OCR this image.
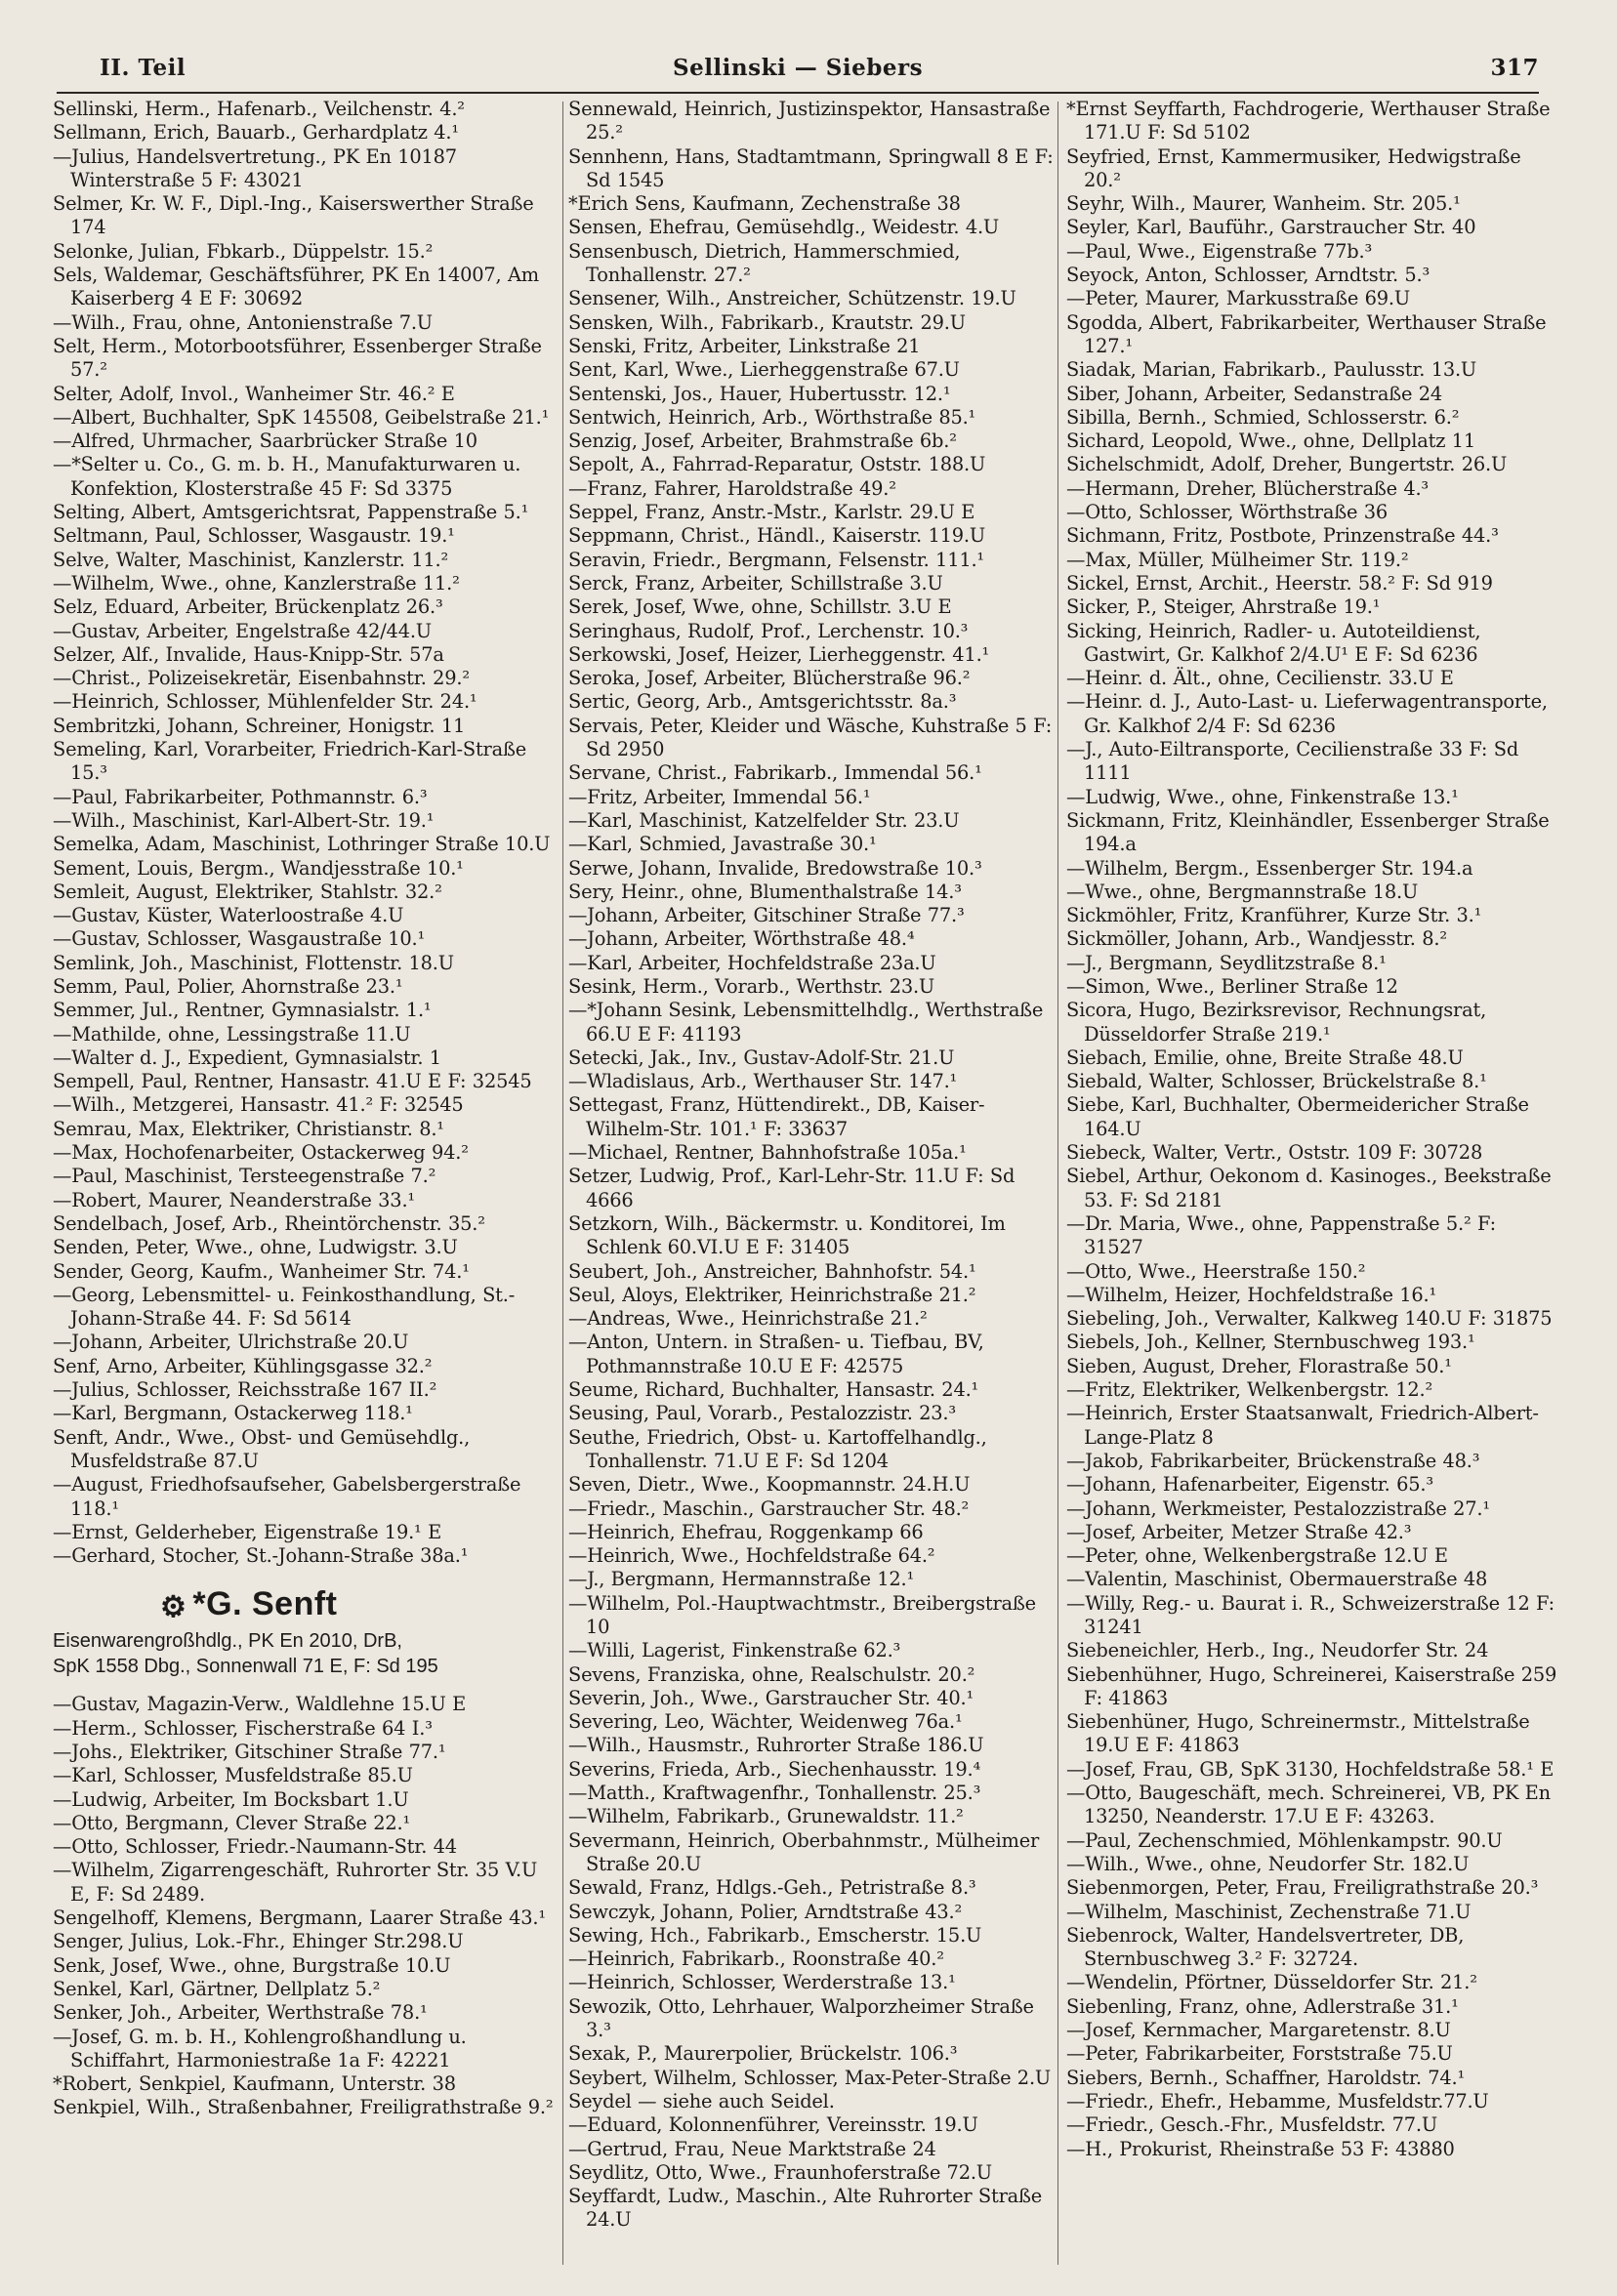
II. Teil	Sellinski — Siebers	317
Sellinski, Herm., Hafenarb., Veilchenstr. 4.²
Sellmann, Erich, Bauarb., Gerhardplatz 4.¹
—Julius, Handelsvertretung., PK En 10187 Winterstraße 5 F: 43021
Selmer, Kr. W. F., Dipl.-Ing., Kaiserswerther Straße 174
Selonke, Julian, Fbkarb., Düppelstr. 15.²
Sels, Waldemar, Geschäftsführer, PK En 14007, Am Kaiserberg 4 E F: 30692
—Wilh., Frau, ohne, Antonienstraße 7.U
Selt, Herm., Motorbootsführer, Essenberger Straße 57.²
Selter, Adolf, Invol., Wanheimer Str. 46.² E
—Albert, Buchhalter, SpK 145508, Geibelstraße 21.¹
—Alfred, Uhrmacher, Saarbrücker Straße 10
—*Selter u. Co., G. m. b. H., Manufakturwaren u. Konfektion, Klosterstraße 45 F: Sd 3375
Selting, Albert, Amtsgerichtsrat, Pappenstraße 5.¹
Seltmann, Paul, Schlosser, Wasgaustr. 19.¹
Selve, Walter, Maschinist, Kanzlerstr. 11.²
—Wilhelm, Wwe., ohne, Kanzlerstraße 11.²
Selz, Eduard, Arbeiter, Brückenplatz 26.³
—Gustav, Arbeiter, Engelstraße 42/44.U
Selzer, Alf., Invalide, Haus-Knipp-Str. 57a
—Christ., Polizeisekretär, Eisenbahnstr. 29.²
—Heinrich, Schlosser, Mühlenfelder Str. 24.¹
Sembritzki, Johann, Schreiner, Honigstr. 11
Semeling, Karl, Vorarbeiter, Friedrich-Karl-Straße 15.³
—Paul, Fabrikarbeiter, Pothmannstr. 6.³
—Wilh., Maschinist, Karl-Albert-Str. 19.¹
Semelka, Adam, Maschinist, Lothringer Straße 10.U
Sement, Louis, Bergm., Wandjesstraße 10.¹
Semleit, August, Elektriker, Stahlstr. 32.²
—Gustav, Küster, Waterloostraße 4.U
—Gustav, Schlosser, Wasgaustraße 10.¹
Semlink, Joh., Maschinist, Flottenstr. 18.U
Semm, Paul, Polier, Ahornstraße 23.¹
Semmer, Jul., Rentner, Gymnasialstr. 1.¹
—Mathilde, ohne, Lessingstraße 11.U
—Walter d. J., Expedient, Gymnasialstr. 1
Sempell, Paul, Rentner, Hansastr. 41.U E F: 32545
—Wilh., Metzgerei, Hansastr. 41.² F: 32545
Semrau, Max, Elektriker, Christianstr. 8.¹
—Max, Hochofenarbeiter, Ostackerweg 94.²
—Paul, Maschinist, Tersteegenstraße 7.²
—Robert, Maurer, Neanderstraße 33.¹
Sendelbach, Josef, Arb., Rheintörchenstr. 35.²
Senden, Peter, Wwe., ohne, Ludwigstr. 3.U
Sender, Georg, Kaufm., Wanheimer Str. 74.¹
—Georg, Lebensmittel- u. Feinkosthandlung, St.-Johann-Straße 44. F: Sd 5614
—Johann, Arbeiter, Ulrichstraße 20.U
Senf, Arno, Arbeiter, Kühlingsgasse 32.²
—Julius, Schlosser, Reichsstraße 167 II.²
—Karl, Bergmann, Ostackerweg 118.¹
Senft, Andr., Wwe., Obst- und Gemüsehdlg., Musfeldstraße 87.U
—August, Friedhofsaufseher, Gabelsbergerstraße 118.¹
—Ernst, Gelderheber, Eigenstraße 19.¹ E
—Gerhard, Stocher, St.-Johann-Straße 38a.¹
⚙ *G. Senft
Eisenwarengroßhdlg., PK En 2010, DrB,
SpK 1558 Dbg., Sonnenwall 71 E, F: Sd 195
—Gustav, Magazin-Verw., Waldlehne 15.U E
—Herm., Schlosser, Fischerstraße 64 I.³
—Johs., Elektriker, Gitschiner Straße 77.¹
—Karl, Schlosser, Musfeldstraße 85.U
—Ludwig, Arbeiter, Im Bocksbart 1.U
—Otto, Bergmann, Clever Straße 22.¹
—Otto, Schlosser, Friedr.-Naumann-Str. 44
—Wilhelm, Zigarrengeschäft, Ruhrorter Str. 35 V.U E, F: Sd 2489.
Sengelhoff, Klemens, Bergmann, Laarer Straße 43.¹
Senger, Julius, Lok.-Fhr., Ehinger Str.298.U
Senk, Josef, Wwe., ohne, Burgstraße 10.U
Senkel, Karl, Gärtner, Dellplatz 5.²
Senker, Joh., Arbeiter, Werthstraße 78.¹
—Josef, G. m. b. H., Kohlengroßhandlung u. Schiffahrt, Harmoniestraße 1a F: 42221
*Robert, Senkpiel, Kaufmann, Unterstr. 38
Senkpiel, Wilh., Straßenbahner, Freiligrathstraße 9.²
Sennewald, Heinrich, Justizinspektor, Hansastraße 25.²
Sennhenn, Hans, Stadtamtmann, Springwall 8 E F: Sd 1545
*Erich Sens, Kaufmann, Zechenstraße 38
Sensen, Ehefrau, Gemüsehdlg., Weidestr. 4.U
Sensenbusch, Dietrich, Hammerschmied, Tonhallenstr. 27.²
Sensener, Wilh., Anstreicher, Schützenstr. 19.U
Sensken, Wilh., Fabrikarb., Krautstr. 29.U
Senski, Fritz, Arbeiter, Linkstraße 21
Sent, Karl, Wwe., Lierheggenstraße 67.U
Sentenski, Jos., Hauer, Hubertusstr. 12.¹
Sentwich, Heinrich, Arb., Wörthstraße 85.¹
Senzig, Josef, Arbeiter, Brahmstraße 6b.²
Sepolt, A., Fahrrad-Reparatur, Oststr. 188.U
—Franz, Fahrer, Haroldstraße 49.²
Seppel, Franz, Anstr.-Mstr., Karlstr. 29.U E
Seppmann, Christ., Händl., Kaiserstr. 119.U
Seravin, Friedr., Bergmann, Felsenstr. 111.¹
Serck, Franz, Arbeiter, Schillstraße 3.U
Serek, Josef, Wwe, ohne, Schillstr. 3.U E
Seringhaus, Rudolf, Prof., Lerchenstr. 10.³
Serkowski, Josef, Heizer, Lierheggenstr. 41.¹
Seroka, Josef, Arbeiter, Blücherstraße 96.²
Sertic, Georg, Arb., Amtsgerichtsstr. 8a.³
Servais, Peter, Kleider und Wäsche, Kuhstraße 5 F: Sd 2950
Servane, Christ., Fabrikarb., Immendal 56.¹
—Fritz, Arbeiter, Immendal 56.¹
—Karl, Maschinist, Katzelfelder Str. 23.U
—Karl, Schmied, Javastraße 30.¹
Serwe, Johann, Invalide, Bredowstraße 10.³
Sery, Heinr., ohne, Blumenthalstraße 14.³
—Johann, Arbeiter, Gitschiner Straße 77.³
—Johann, Arbeiter, Wörthstraße 48.⁴
—Karl, Arbeiter, Hochfeldstraße 23a.U
Sesink, Herm., Vorarb., Werthstr. 23.U
—*Johann Sesink, Lebensmittelhdlg., Werthstraße 66.U E F: 41193
Setecki, Jak., Inv., Gustav-Adolf-Str. 21.U
—Wladislaus, Arb., Werthauser Str. 147.¹
Settegast, Franz, Hüttendirekt., DB, Kaiser-Wilhelm-Str. 101.¹ F: 33637
—Michael, Rentner, Bahnhofstraße 105a.¹
Setzer, Ludwig, Prof., Karl-Lehr-Str. 11.U F: Sd 4666
Setzkorn, Wilh., Bäckermstr. u. Konditorei, Im Schlenk 60.VI.U E F: 31405
Seubert, Joh., Anstreicher, Bahnhofstr. 54.¹
Seul, Aloys, Elektriker, Heinrichstraße 21.²
—Andreas, Wwe., Heinrichstraße 21.²
—Anton, Untern. in Straßen- u. Tiefbau, BV, Pothmannstraße 10.U E F: 42575
Seume, Richard, Buchhalter, Hansastr. 24.¹
Seusing, Paul, Vorarb., Pestalozzistr. 23.³
Seuthe, Friedrich, Obst- u. Kartoffelhandlg., Tonhallenstr. 71.U E F: Sd 1204
Seven, Dietr., Wwe., Koopmannstr. 24.H.U
—Friedr., Maschin., Garstraucher Str. 48.²
—Heinrich, Ehefrau, Roggenkamp 66
—Heinrich, Wwe., Hochfeldstraße 64.²
—J., Bergmann, Hermannstraße 12.¹
—Wilhelm, Pol.-Hauptwachtmstr., Breibergstraße 10
—Willi, Lagerist, Finkenstraße 62.³
Sevens, Franziska, ohne, Realschulstr. 20.²
Severin, Joh., Wwe., Garstraucher Str. 40.¹
Severing, Leo, Wächter, Weidenweg 76a.¹
—Wilh., Hausmstr., Ruhrorter Straße 186.U
Severins, Frieda, Arb., Siechenhausstr. 19.⁴
—Matth., Kraftwagenfhr., Tonhallenstr. 25.³
—Wilhelm, Fabrikarb., Grunewaldstr. 11.²
Severmann, Heinrich, Oberbahnmstr., Mülheimer Straße 20.U
Sewald, Franz, Hdlgs.-Geh., Petristraße 8.³
Sewczyk, Johann, Polier, Arndtstraße 43.²
Sewing, Hch., Fabrikarb., Emscherstr. 15.U
—Heinrich, Fabrikarb., Roonstraße 40.²
—Heinrich, Schlosser, Werderstraße 13.¹
Sewozik, Otto, Lehrhauer, Walporzheimer Straße 3.³
Sexak, P., Maurerpolier, Brückelstr. 106.³
Seybert, Wilhelm, Schlosser, Max-Peter-Straße 2.U
Seydel — siehe auch Seidel.
—Eduard, Kolonnenführer, Vereinsstr. 19.U
—Gertrud, Frau, Neue Marktstraße 24
Seydlitz, Otto, Wwe., Fraunhoferstraße 72.U
Seyffardt, Ludw., Maschin., Alte Ruhrorter Straße 24.U
*Ernst Seyffarth, Fachdrogerie, Werthauser Straße 171.U F: Sd 5102
Seyfried, Ernst, Kammermusiker, Hedwigstraße 20.²
Seyhr, Wilh., Maurer, Wanheim. Str. 205.¹
Seyler, Karl, Bauführ., Garstraucher Str. 40
—Paul, Wwe., Eigenstraße 77b.³
Seyock, Anton, Schlosser, Arndtstr. 5.³
—Peter, Maurer, Markusstraße 69.U
Sgodda, Albert, Fabrikarbeiter, Werthauser Straße 127.¹
Siadak, Marian, Fabrikarb., Paulusstr. 13.U
Siber, Johann, Arbeiter, Sedanstraße 24
Sibilla, Bernh., Schmied, Schlosserstr. 6.²
Sichard, Leopold, Wwe., ohne, Dellplatz 11
Sichelschmidt, Adolf, Dreher, Bungertstr. 26.U
—Hermann, Dreher, Blücherstraße 4.³
—Otto, Schlosser, Wörthstraße 36
Sichmann, Fritz, Postbote, Prinzenstraße 44.³
—Max, Müller, Mülheimer Str. 119.²
Sickel, Ernst, Archit., Heerstr. 58.² F: Sd 919
Sicker, P., Steiger, Ahrstraße 19.¹
Sicking, Heinrich, Radler- u. Autoteildienst, Gastwirt, Gr. Kalkhof 2/4.U¹ E F: Sd 6236
—Heinr. d. Ält., ohne, Cecilienstr. 33.U E
—Heinr. d. J., Auto-Last- u. Lieferwagentransporte, Gr. Kalkhof 2/4 F: Sd 6236
—J., Auto-Eiltransporte, Cecilienstraße 33 F: Sd 1111
—Ludwig, Wwe., ohne, Finkenstraße 13.¹
Sickmann, Fritz, Kleinhändler, Essenberger Straße 194.a
—Wilhelm, Bergm., Essenberger Str. 194.a
—Wwe., ohne, Bergmannstraße 18.U
Sickmöhler, Fritz, Kranführer, Kurze Str. 3.¹
Sickmöller, Johann, Arb., Wandjesstr. 8.²
—J., Bergmann, Seydlitzstraße 8.¹
—Simon, Wwe., Berliner Straße 12
Sicora, Hugo, Bezirksrevisor, Rechnungsrat, Düsseldorfer Straße 219.¹
Siebach, Emilie, ohne, Breite Straße 48.U
Siebald, Walter, Schlosser, Brückelstraße 8.¹
Siebe, Karl, Buchhalter, Obermeidericher Straße 164.U
Siebeck, Walter, Vertr., Oststr. 109 F: 30728
Siebel, Arthur, Oekonom d. Kasinoges., Beekstraße 53. F: Sd 2181
—Dr. Maria, Wwe., ohne, Pappenstraße 5.² F: 31527
—Otto, Wwe., Heerstraße 150.²
—Wilhelm, Heizer, Hochfeldstraße 16.¹
Siebeling, Joh., Verwalter, Kalkweg 140.U F: 31875
Siebels, Joh., Kellner, Sternbuschweg 193.¹
Sieben, August, Dreher, Florastraße 50.¹
—Fritz, Elektriker, Welkenbergstr. 12.²
—Heinrich, Erster Staatsanwalt, Friedrich-Albert-Lange-Platz 8
—Jakob, Fabrikarbeiter, Brückenstraße 48.³
—Johann, Hafenarbeiter, Eigenstr. 65.³
—Johann, Werkmeister, Pestalozzistraße 27.¹
—Josef, Arbeiter, Metzer Straße 42.³
—Peter, ohne, Welkenbergstraße 12.U E
—Valentin, Maschinist, Obermauerstraße 48
—Willy, Reg.- u. Baurat i. R., Schweizerstraße 12 F: 31241
Siebeneichler, Herb., Ing., Neudorfer Str. 24
Siebenhühner, Hugo, Schreinerei, Kaiserstraße 259 F: 41863
Siebenhüner, Hugo, Schreinermstr., Mittelstraße 19.U E F: 41863
—Josef, Frau, GB, SpK 3130, Hochfeldstraße 58.¹ E
—Otto, Baugeschäft, mech. Schreinerei, VB, PK En 13250, Neanderstr. 17.U E F: 43263.
—Paul, Zechenschmied, Möhlenkampstr. 90.U
—Wilh., Wwe., ohne, Neudorfer Str. 182.U
Siebenmorgen, Peter, Frau, Freiligrathstraße 20.³
—Wilhelm, Maschinist, Zechenstraße 71.U
Siebenrock, Walter, Handelsvertreter, DB, Sternbuschweg 3.² F: 32724.
—Wendelin, Pförtner, Düsseldorfer Str. 21.²
Siebenling, Franz, ohne, Adlerstraße 31.¹
—Josef, Kernmacher, Margaretenstr. 8.U
—Peter, Fabrikarbeiter, Forststraße 75.U
Siebers, Bernh., Schaffner, Haroldstr. 74.¹
—Friedr., Ehefr., Hebamme, Musfeldstr.77.U
—Friedr., Gesch.-Fhr., Musfeldstr. 77.U
—H., Prokurist, Rheinstraße 53 F: 43880
